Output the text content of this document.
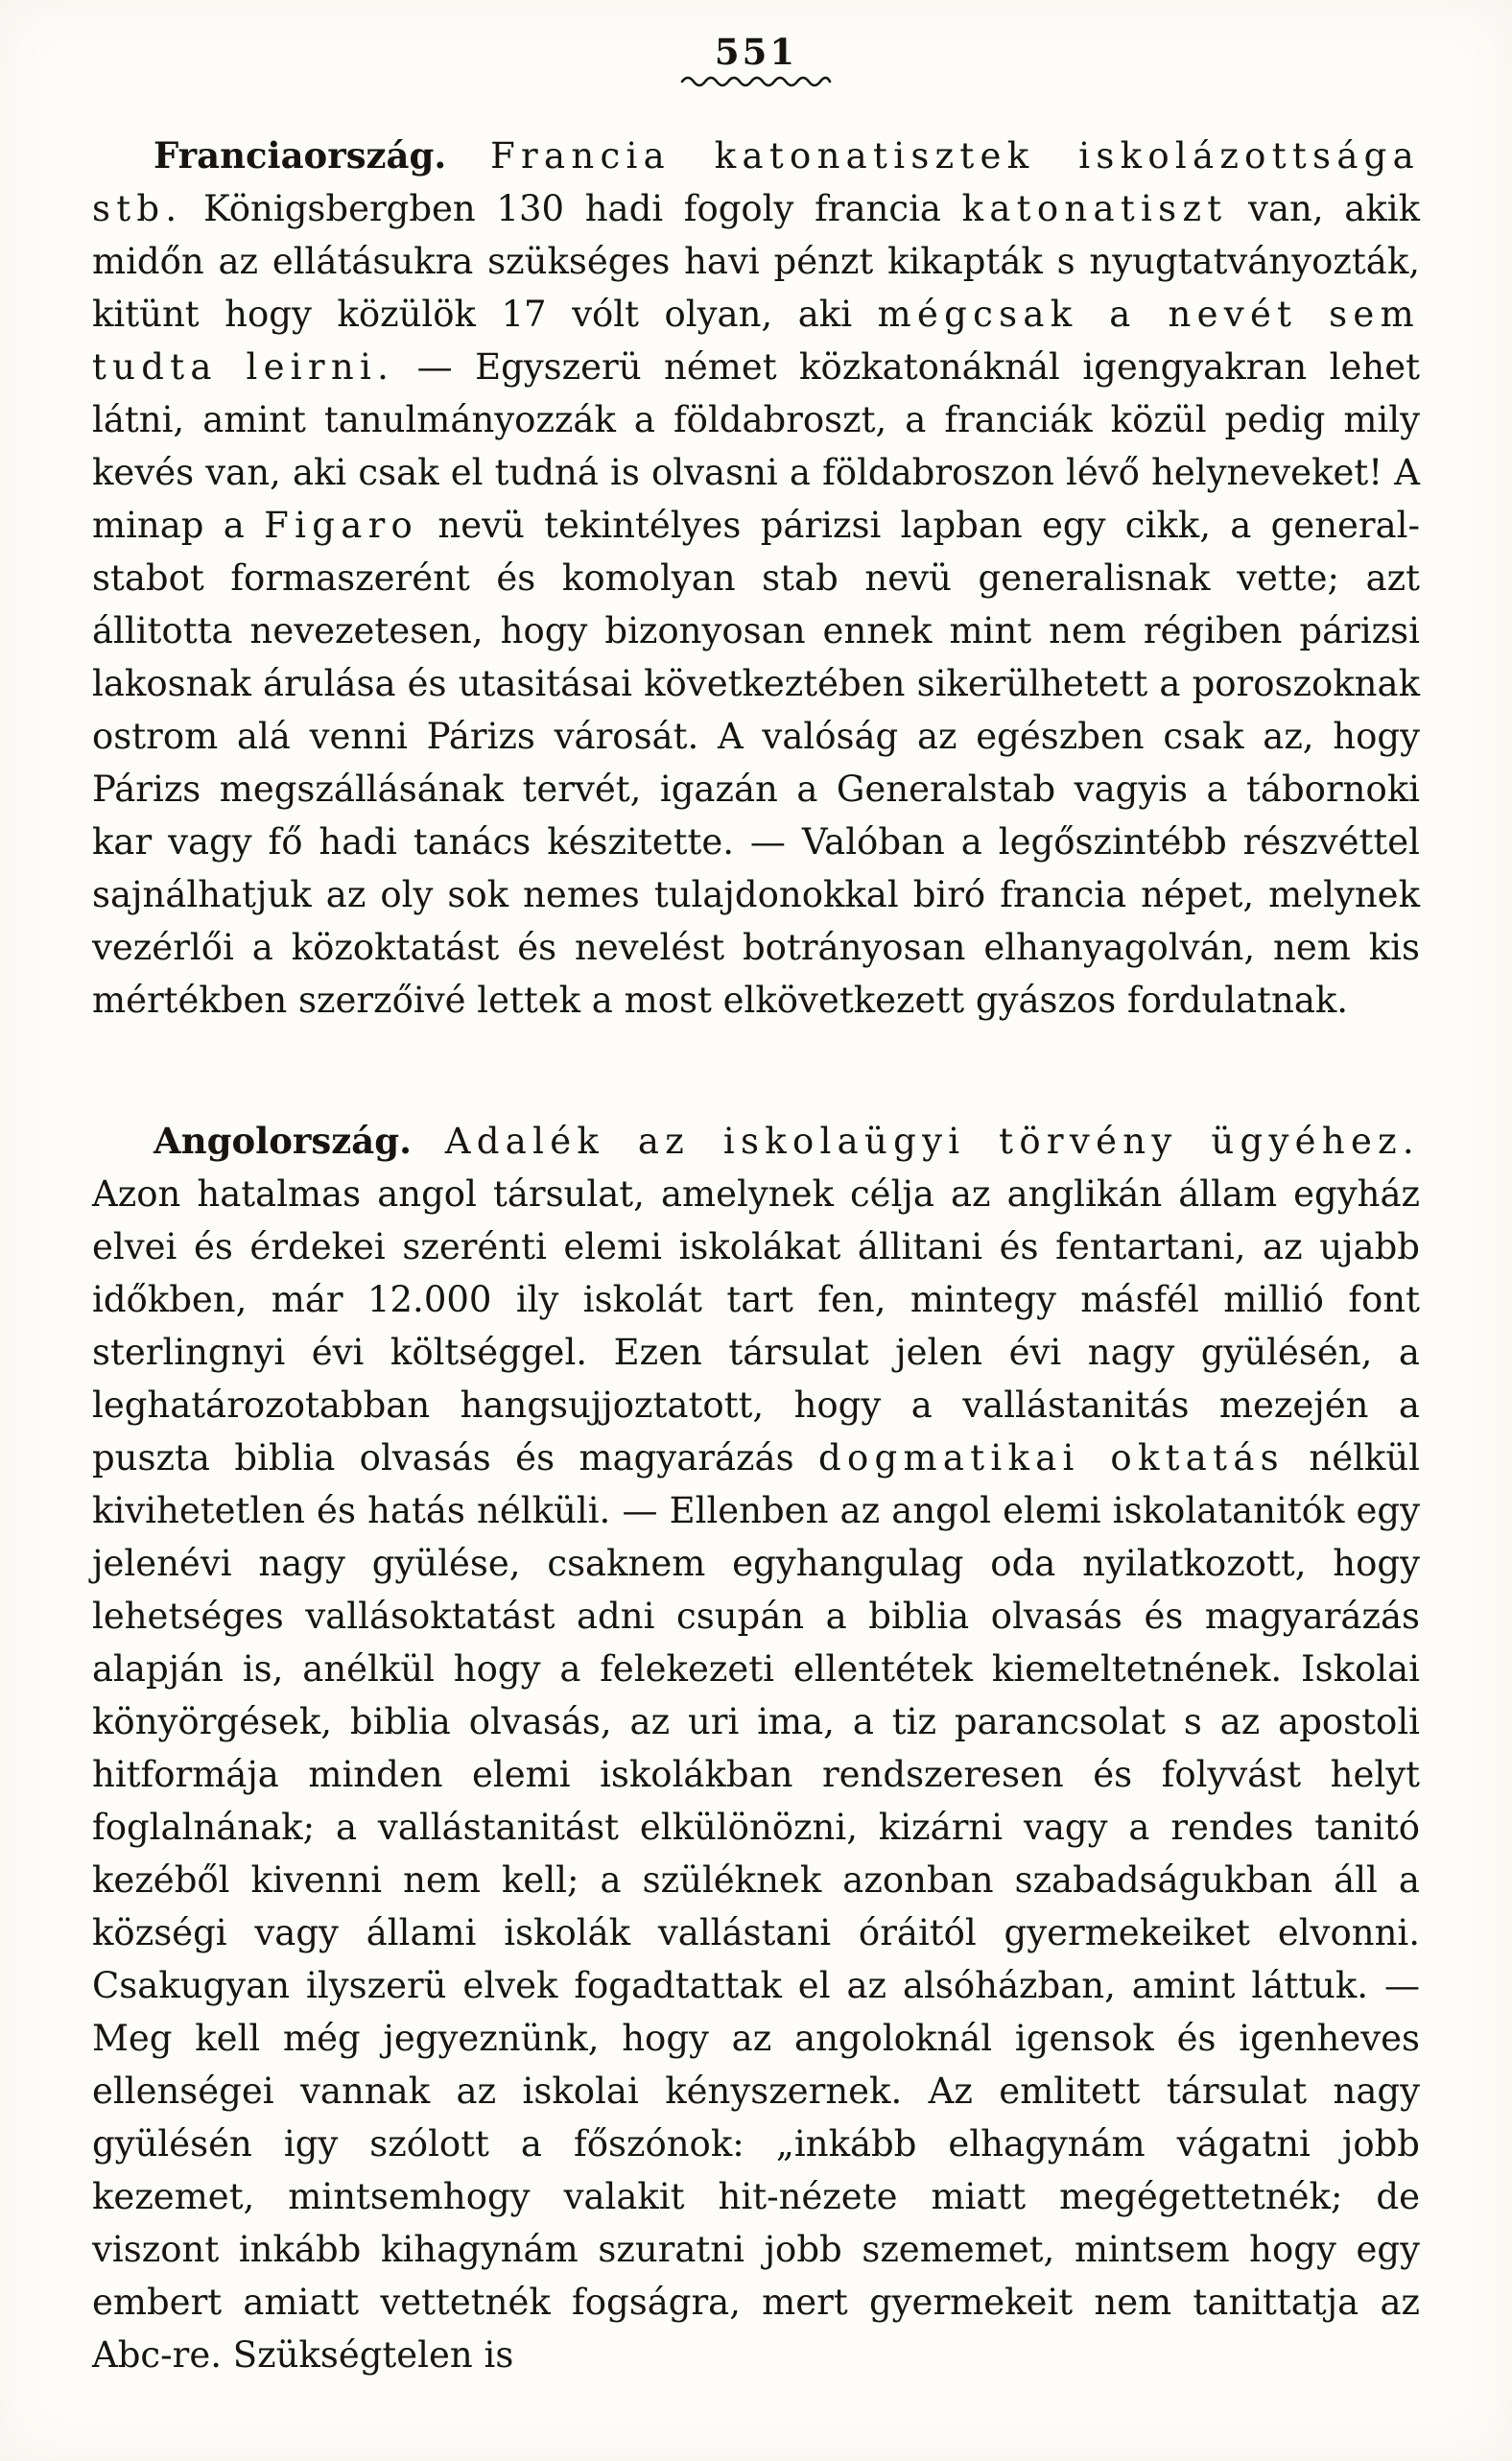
551

Franciaország. Francia katonatisztek iskolázottsága stb. Königsbergben 130 hadi fogoly francia katonatiszt van, akik midőn az ellátásukra szükséges havi pénzt kikapták s nyugtatványozták, kitünt hogy közülök 17 vólt olyan, aki mégcsak a nevét sem tudta leirni. — Egyszerü német közkatonáknál igengyakran lehet látni, amint tanulmányozzák a földabroszt, a franciák közül pedig mily kevés van, aki csak el tudná is olvasni a földabroszon lévő helyneveket! A minap a Figaro nevü tekintélyes párizsi lapban egy cikk, a general-stabot formaszerént és komolyan stab nevü generalisnak vette; azt állitotta nevezetesen, hogy bizonyosan ennek mint nem régiben párizsi lakosnak árulása és utasitásai következtében sikerülhetett a poroszoknak ostrom alá venni Párizs városát. A valóság az egészben csak az, hogy Párizs megszállásának tervét, igazán a Generalstab vagyis a tábornoki kar vagy fő hadi tanács készitette. — Valóban a legőszintébb részvéttel sajnálhatjuk az oly sok nemes tulajdonokkal biró francia népet, melynek vezérlői a közoktatást és nevelést botrányosan elhanyagolván, nem kis mértékben szerzőivé lettek a most elkövetkezett gyászos fordulatnak.

Angolország. Adalék az iskolaügyi törvény ügyéhez. Azon hatalmas angol társulat, amelynek célja az anglikán állam egyház elvei és érdekei szerénti elemi iskolákat állitani és fentartani, az ujabb időkben, már 12.000 ily iskolát tart fen, mintegy másfél millió font sterlingnyi évi költséggel. Ezen társulat jelen évi nagy gyülésén, a leghatározotabban hangsujjoztatott, hogy a vallástanitás mezején a puszta biblia olvasás és magyarázás dogmatikai oktatás nélkül kivihetetlen és hatás nélküli. — Ellenben az angol elemi iskolatanitók egy jelenévi nagy gyülése, csaknem egyhangulag oda nyilatkozott, hogy lehetséges vallásoktatást adni csupán a biblia olvasás és magyarázás alapján is, anélkül hogy a felekezeti ellentétek kiemeltetnének. Iskolai könyörgések, biblia olvasás, az uri ima, a tiz parancsolat s az apostoli hitformája minden elemi iskolákban rendszeresen és folyvást helyt foglalnának; a vallástanitást elkülönözni, kizárni vagy a rendes tanitó kezéből kivenni nem kell; a szüléknek azonban szabadságukban áll a községi vagy állami iskolák vallástani óráitól gyermekeiket elvonni. Csakugyan ilyszerü elvek fogadtattak el az alsóházban, amint láttuk. — Meg kell még jegyeznünk, hogy az angoloknál igensok és igenheves ellenségei vannak az iskolai kényszernek. Az emlitett társulat nagy gyülésén igy szólott a főszónok: „inkább elhagynám vágatni jobb kezemet, mintsemhogy valakit hit-nézete miatt megégettetnék; de viszont inkább kihagynám szuratni jobb szememet, mintsem hogy egy embert amiatt vettetnék fogságra, mert gyermekeit nem tanittatja az Abc-re. Szükségtelen is
